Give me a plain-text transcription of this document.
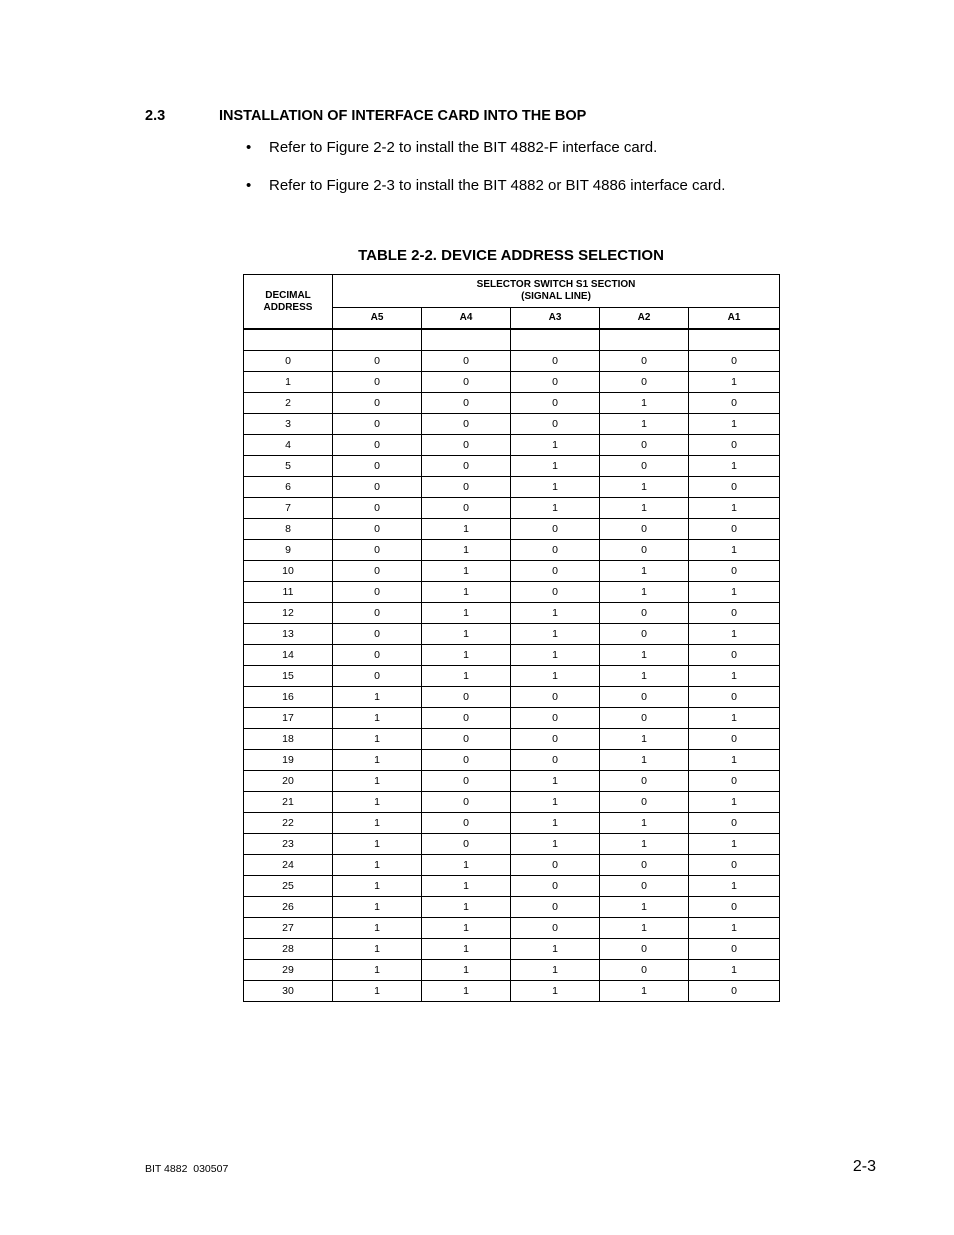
2.3	INSTALLATION OF INTERFACE CARD INTO THE BOP
• Refer to Figure 2-2 to install the BIT 4882-F interface card.
• Refer to Figure 2-3 to install the BIT 4882 or BIT 4886 interface card.
TABLE 2-2. DEVICE ADDRESS SELECTION
DECIMAL
ADDRESS	SELECTOR SWITCH S1 SECTION
(SIGNAL LINE)				
	A5	A4	A3	A2	A1

0	0	0	0	0	0
1	0	0	0	0	1
2	0	0	0	1	0
3	0	0	0	1	1
4	0	0	1	0	0
5	0	0	1	0	1
6	0	0	1	1	0
7	0	0	1	1	1
8	0	1	0	0	0
9	0	1	0	0	1
10	0	1	0	1	0
11	0	1	0	1	1
12	0	1	1	0	0
13	0	1	1	0	1
14	0	1	1	1	0
15	0	1	1	1	1
16	1	0	0	0	0
17	1	0	0	0	1
18	1	0	0	1	0
19	1	0	0	1	1
20	1	0	1	0	0
21	1	0	1	0	1
22	1	0	1	1	0
23	1	0	1	1	1
24	1	1	0	0	0
25	1	1	0	0	1
26	1	1	0	1	0
27	1	1	0	1	1
28	1	1	1	0	0
29	1	1	1	0	1
30	1	1	1	1	0
BIT 4882  030507	2-3
